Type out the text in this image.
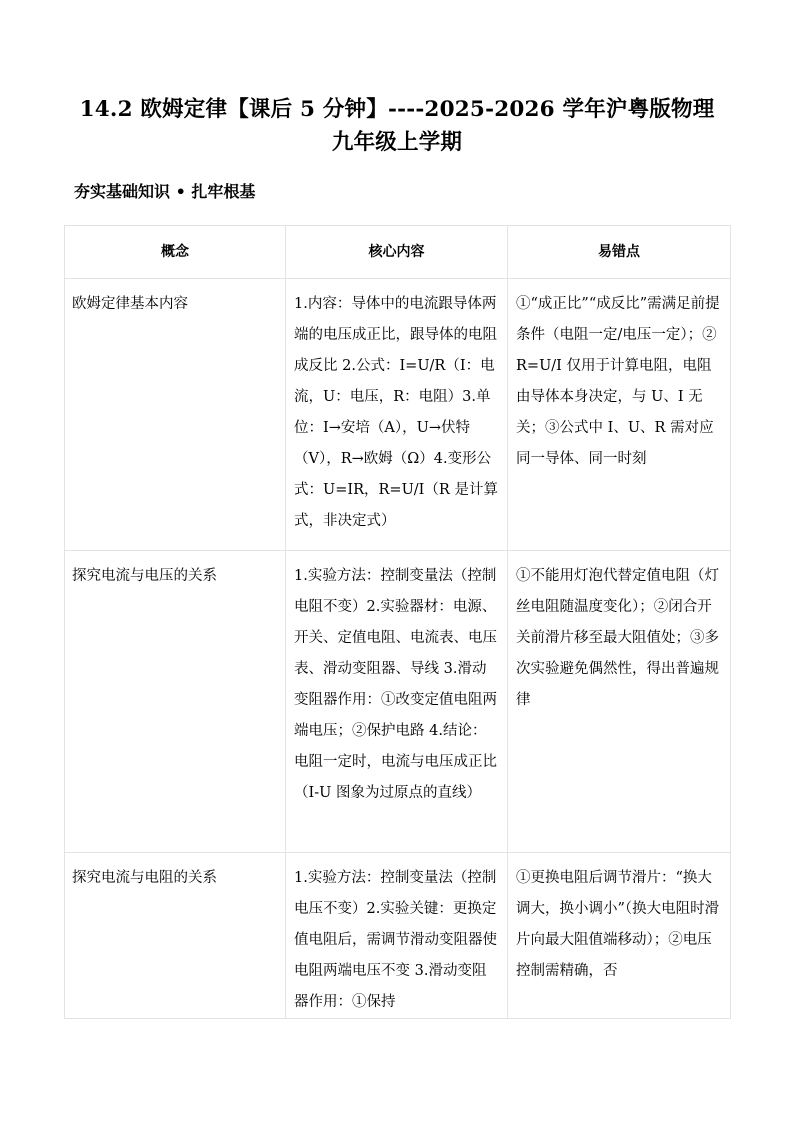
14.2 欧姆定律【课后 5 分钟】----2025-2026 学年沪粤版物理
九年级上学期
夯实基础知识 • 扎牢根基
概念	核心内容	易错点
欧姆定律基本内容	1.内容：导体中的电流跟导体两端的电压成正比，跟导体的电阻成反比 2.公式：I=U/R（I：电流，U：电压，R：电阻）3.单位：I→安培（A），U→伏特（V），R→欧姆（Ω）4.变形公式：U=IR，R=U/I（R 是计算式，非决定式）	①“成正比”“成反比”需满足前提条件（电阻一定/电压一定）；②R=U/I 仅用于计算电阻，电阻由导体本身决定，与 U、I 无关；③公式中 I、U、R 需对应同一导体、同一时刻
探究电流与电压的关系	1.实验方法：控制变量法（控制电阻不变）2.实验器材：电源、开关、定值电阻、电流表、电压表、滑动变阻器、导线 3.滑动变阻器作用：①改变定值电阻两端电压；②保护电路 4.结论：电阻一定时，电流与电压成正比（I-U 图象为过原点的直线）	①不能用灯泡代替定值电阻（灯丝电阻随温度变化）；②闭合开关前滑片移至最大阻值处；③多次实验避免偶然性，得出普遍规律
探究电流与电阻的关系	1.实验方法：控制变量法（控制电压不变）2.实验关键：更换定值电阻后，需调节滑动变阻器使电阻两端电压不变 3.滑动变阻器作用：①保持	①更换电阻后调节滑片：“换大调大，换小调小”（换大电阻时滑片向最大阻值端移动）；②电压控制需精确，否
